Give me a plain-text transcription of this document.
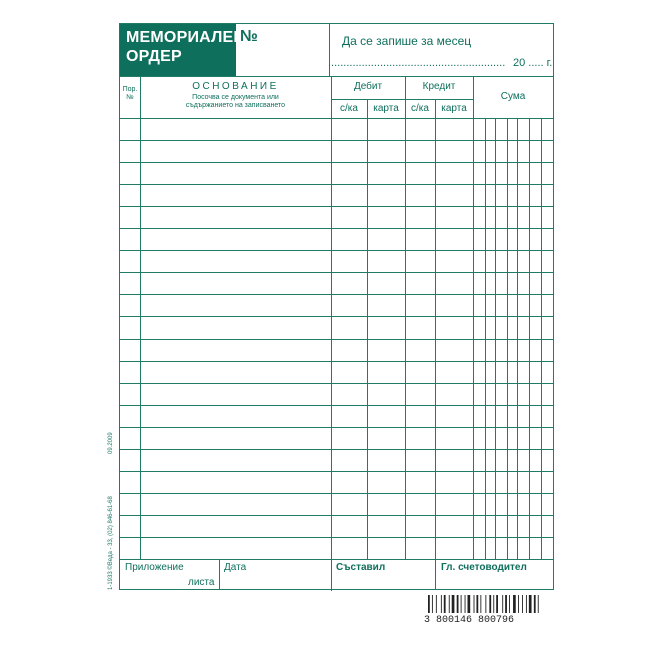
МЕМОРИАЛЕН
ОРДЕР
№	Да се запише за месец
.......................................................... 20 ..... г.
Пор. №
ОСНОВАНИЕ
Посочва се документа или
съдържанието на записването
Дебит	Кредит
с/ка	карта	с/ка	карта
Сума
Приложение
листа
Дата	Съставил	Гл. счетоводител
1-1933 ©Веда - 33, (02) 846-61-68
09.2009
3 800146 800796
